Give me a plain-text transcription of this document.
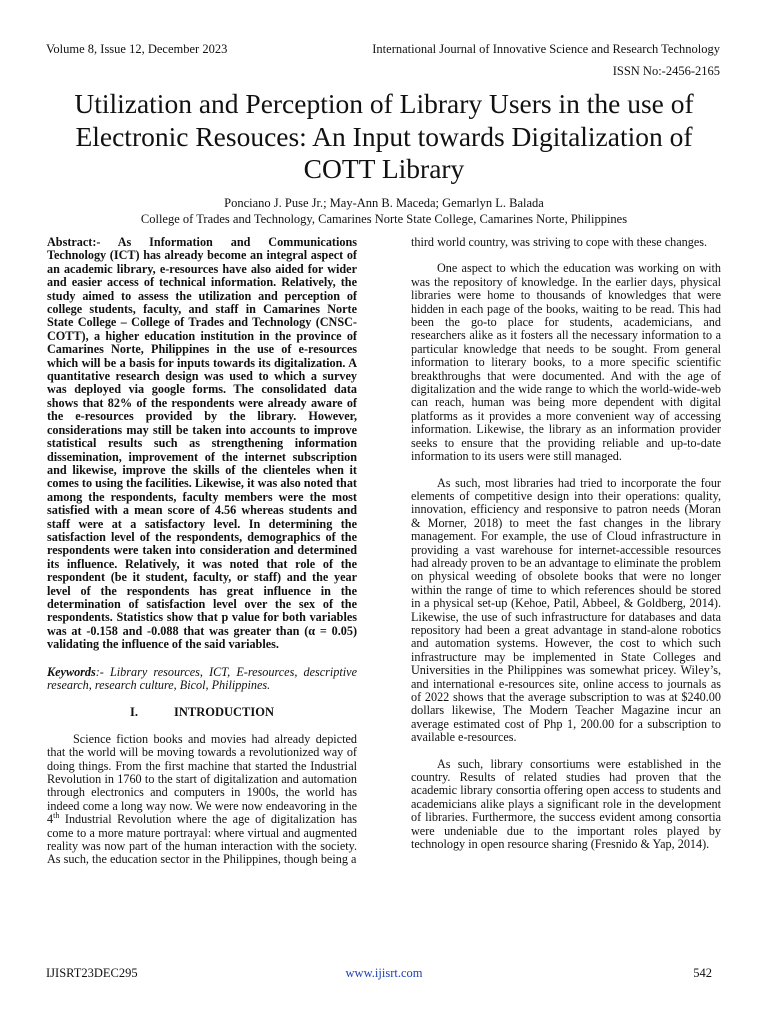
Volume 8, Issue 12, December 2023	International Journal of Innovative Science and Research Technology
ISSN No:-2456-2165
Utilization and Perception of Library Users in the use of Electronic Resouces: An Input towards Digitalization of COTT Library
Ponciano J. Puse Jr.; May-Ann B. Maceda; Gemarlyn L. Balada
College of Trades and Technology, Camarines Norte State College, Camarines Norte, Philippines

Abstract:- As Information and Communications Technology (ICT) has already become an integral aspect of an academic library, e-resources have also aided for wider and easier access of technical information. Relatively, the study aimed to assess the utilization and perception of college students, faculty, and staff in Camarines Norte State College – College of Trades and Technology (CNSC-COTT), a higher education institution in the province of Camarines Norte, Philippines in the use of e-resources which will be a basis for inputs towards its digitalization. A quantitative research design was used to which a survey was deployed via google forms. The consolidated data shows that 82% of the respondents were already aware of the e-resources provided by the library. However, considerations may still be taken into accounts to improve statistical results such as strengthening information dissemination, improvement of the internet subscription and likewise, improve the skills of the clienteles when it comes to using the facilities. Likewise, it was also noted that among the respondents, faculty members were the most satisfied with a mean score of 4.56 whereas students and staff were at a satisfactory level. In determining the satisfaction level of the respondents, demographics of the respondents were taken into consideration and determined its influence. Relatively, it was noted that role of the respondent (be it student, faculty, or staff) and the year level of the respondents has great influence in the determination of satisfaction level over the sex of the respondents. Statistics show that p value for both variables was at -0.158 and -0.088 that was greater than (α = 0.05) validating the influence of the said variables.

Keywords:- Library resources, ICT, E-resources, descriptive research, research culture, Bicol, Philippines.

I.	INTRODUCTION

Science fiction books and movies had already depicted that the world will be moving towards a revolutionized way of doing things. From the first machine that started the Industrial Revolution in 1760 to the start of digitalization and automation through electronics and computers in 1900s, the world has indeed come a long way now. We were now endeavoring in the 4th Industrial Revolution where the age of digitalization has come to a more mature portrayal: where virtual and augmented reality was now part of the human interaction with the society. As such, the education sector in the Philippines, though being a

third world country, was striving to cope with these changes.

One aspect to which the education was working on with was the repository of knowledge. In the earlier days, physical libraries were home to thousands of knowledges that were hidden in each page of the books, waiting to be read. This had been the go-to place for students, academicians, and researchers alike as it fosters all the necessary information to a particular knowledge that needs to be sought. From general information to literary books, to a more specific scientific breakthroughs that were documented. And with the age of digitalization and the wide range to which the world-wide-web can reach, human was being more dependent with digital platforms as it provides a more convenient way of accessing information. Likewise, the library as an information provider seeks to ensure that the providing reliable and up-to-date information to its users were still managed.

As such, most libraries had tried to incorporate the four elements of competitive design into their operations: quality, innovation, efficiency and responsive to patron needs (Moran & Morner, 2018) to meet the fast changes in the library management. For example, the use of Cloud infrastructure in providing a vast warehouse for internet-accessible resources had already proven to be an advantage to eliminate the problem on physical weeding of obsolete books that were no longer within the range of time to which references should be stored in a physical set-up (Kehoe, Patil, Abbeel, & Goldberg, 2014). Likewise, the use of such infrastructure for databases and data repository had been a great advantage in stand-alone robotics and automation systems. However, the cost to which such infrastructure may be implemented in State Colleges and Universities in the Philippines was somewhat pricey. Wiley’s, and international e-resources site, online access to journals as of 2022 shows that the average subscription to was at $240.00 dollars likewise, The Modern Teacher Magazine incur an average estimated cost of Php 1, 200.00 for a subscription to available e-resources.

As such, library consortiums were established in the country. Results of related studies had proven that the academic library consortia offering open access to students and academicians alike plays a significant role in the development of libraries. Furthermore, the success evident among consortia were undeniable due to the important roles played by technology in open resource sharing (Fresnido & Yap, 2014).

IJISRT23DEC295	www.ijisrt.com	542
